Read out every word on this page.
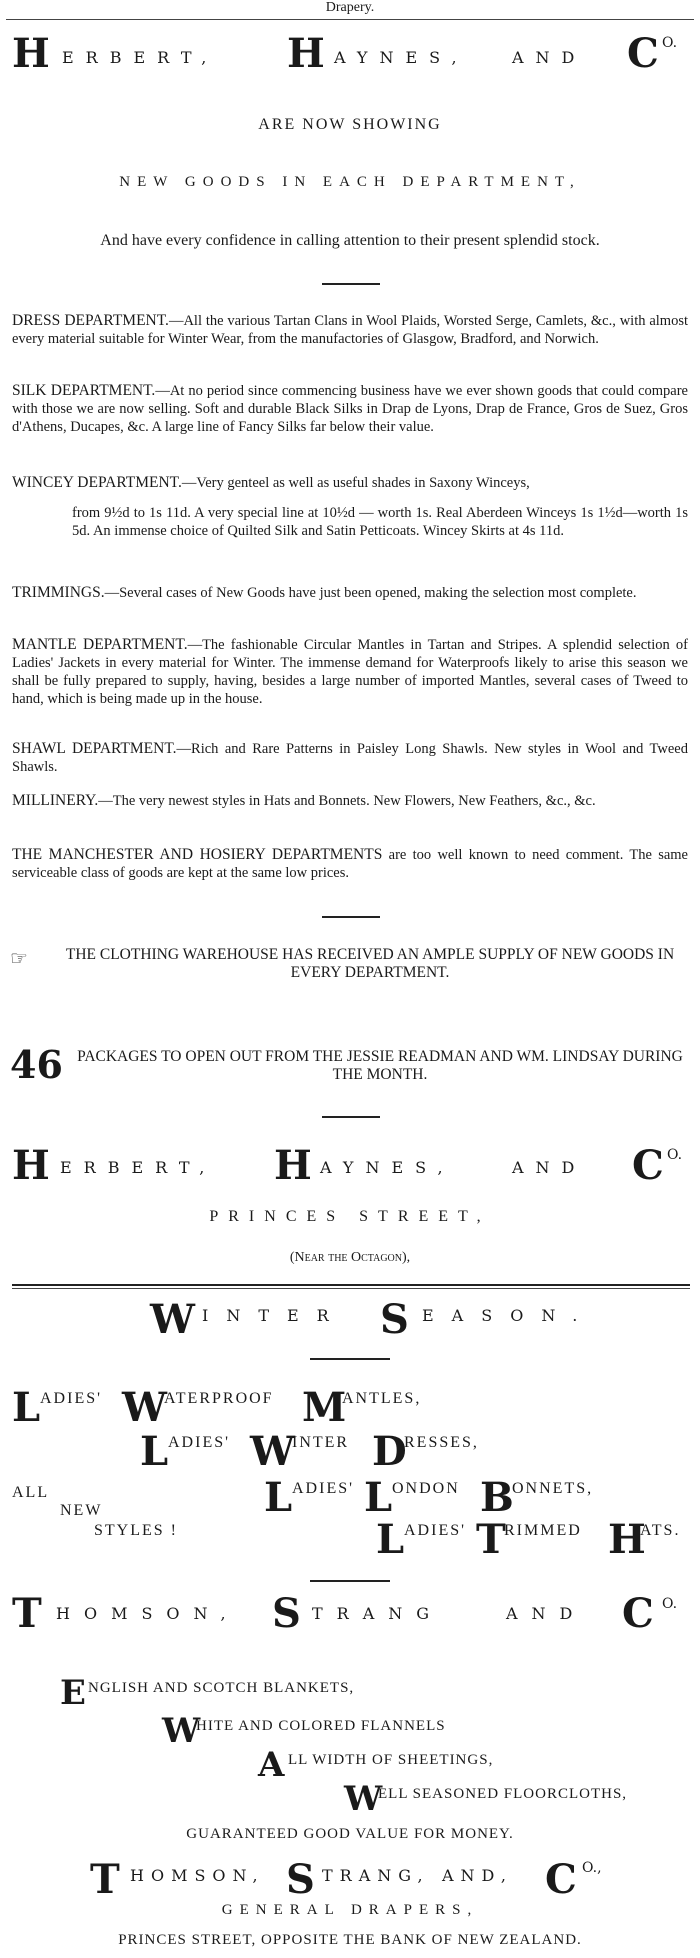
Drapery.
H ERBERT, H AYNES,	AND C O.
ARE NOW SHOWING
NEW GOODS IN EACH DEPARTMENT,
And have every confidence in calling attention to their present splendid stock.
DRESS DEPARTMENT.—All the various Tartan Clans in Wool Plaids, Worsted Serge, Camlets, &c., with almost every material suitable for Winter Wear, from the manufactories of Glasgow, Bradford, and Norwich.
SILK DEPARTMENT.—At no period since commencing business have we ever shown goods that could compare with those we are now selling. Soft and durable Black Silks in Drap de Lyons, Drap de France, Gros de Suez, Gros d'Athens, Ducapes, &c. A large line of Fancy Silks far below their value.
WINCEY DEPARTMENT.—Very genteel as well as useful shades in Saxony Winceys,
from 9½d to 1s 11d. A very special line at 10½d — worth 1s. Real Aberdeen Winceys 1s 1½d—worth 1s 5d. An immense choice of Quilted Silk and Satin Petticoats. Wincey Skirts at 4s 11d.
TRIMMINGS.—Several cases of New Goods have just been opened, making the selection most complete.
MANTLE DEPARTMENT.—The fashionable Circular Mantles in Tartan and Stripes. A splendid selection of Ladies' Jackets in every material for Winter. The immense demand for Waterproofs likely to arise this season we shall be fully prepared to supply, having, besides a large number of imported Mantles, several cases of Tweed to hand, which is being made up in the house.
SHAWL DEPARTMENT.—Rich and Rare Patterns in Paisley Long Shawls. New styles in Wool and Tweed Shawls.
MILLINERY.—The very newest styles in Hats and Bonnets. New Flowers, New Feathers, &c., &c.
THE MANCHESTER AND HOSIERY DEPARTMENTS are too well known to need comment. The same serviceable class of goods are kept at the same low prices.
☞	THE CLOTHING WAREHOUSE HAS RECEIVED AN AMPLE SUPPLY OF NEW GOODS IN EVERY DEPARTMENT.
46 PACKAGES TO OPEN OUT FROM THE JESSIE READMAN AND WM. LINDSAY DURING THE MONTH.
H ERBERT, H AYNES,	AND C O.
PRINCES STREET,
(Near the Octagon),
W INTER S EASON.
L ADIES' W
ATERPROOF M
ANTLES,
L ADIES' W
INTER D
RESSES,
ALL
NEW
STYLES !
L ADIES' L ONDON B
ONNETS,
L ADIES' T
RIMMED H
ATS.
T HOMSON, S TRANG	AND C O.
E NGLISH AND SCOTCH BLANKETS,
W
HITE AND COLORED FLANNELS
A LL WIDTH OF SHEETINGS,
W
ELL SEASONED FLOORCLOTHS,
GUARANTEED GOOD VALUE FOR MONEY.
T HOMSON, S TRANG, AND, C O.,
GENERAL DRAPERS,
PRINCES STREET, OPPOSITE THE BANK OF NEW ZEALAND.
